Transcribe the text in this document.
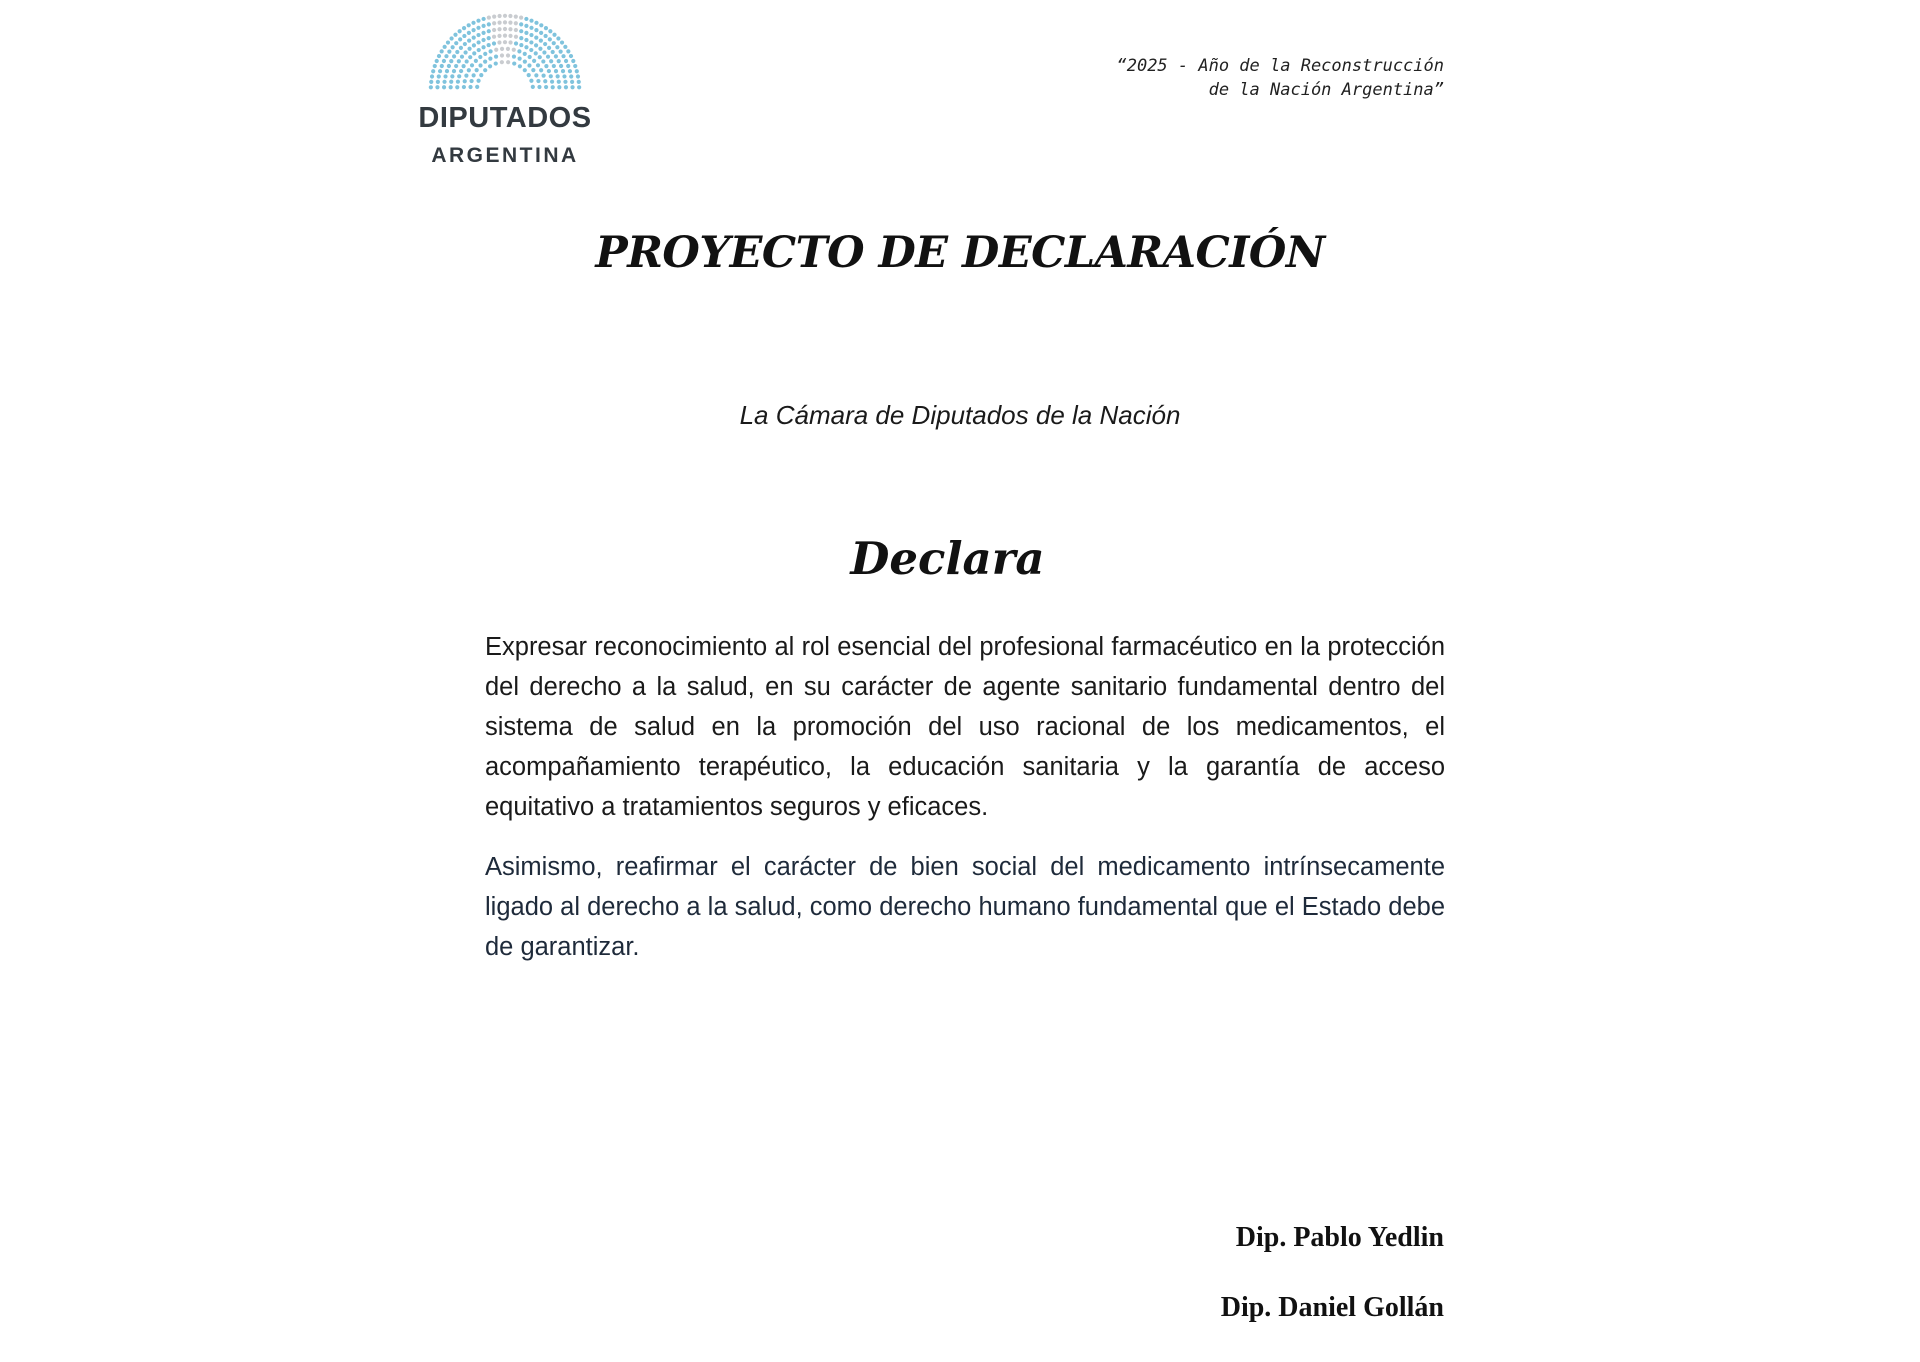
DIPUTADOS
ARGENTINA
“2025 - Año de la Reconstrucción
de la Nación Argentina”
PROYECTO DE DECLARACIÓN
La Cámara de Diputados de la Nación
Declara

Expresar reconocimiento al rol esencial del profesional farmacéutico en la protección del derecho a la salud, en su carácter de agente sanitario fundamental dentro del sistema de salud en la promoción del uso racional de los medicamentos, el acompañamiento terapéutico, la educación sanitaria y la garantía de acceso equitativo a tratamientos seguros y eficaces.

Asimismo, reafirmar el carácter de bien social del medicamento intrínsecamente ligado al derecho a la salud, como derecho humano fundamental que el Estado debe de garantizar.

Dip. Pablo Yedlin
Dip. Daniel Gollán
